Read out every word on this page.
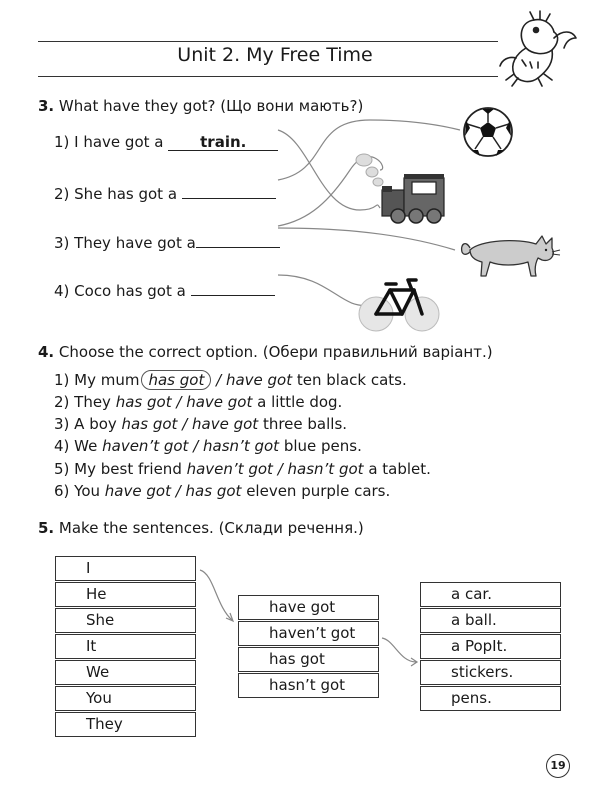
Unit 2. My Free Time
3. What have they got? (Що вони мають?)
1) I have got a train.
2) She has got a
3) They have got a
4) Coco has got a
4. Choose the correct option. (Обери правильний варіант.)
1) My mum has got / have got ten black cats.
2) They has got / have got a little dog.
3) A boy has got / have got three balls.
4) We haven’t got / hasn’t got blue pens.
5) My best friend haven’t got / hasn’t got a tablet.
6) You have got / has got eleven purple cars.
5. Make the sentences. (Склади речення.)
I
He
She
It
We
You
They
have got
haven’t got
has got
hasn’t got
a car.
a ball.
a PopIt.
stickers.
pens.
19
